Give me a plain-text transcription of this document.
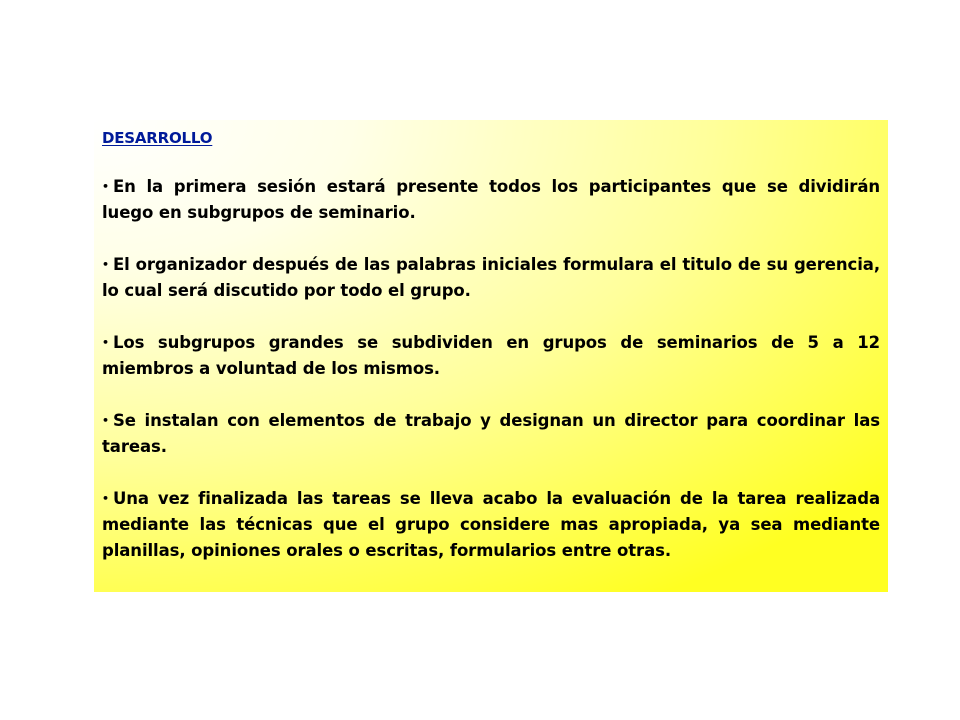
DESARROLLO
• En la primera sesión estará presente todos los participantes que se dividirán luego en subgrupos de seminario.
• El organizador después de las palabras iniciales formulara el titulo de su gerencia, lo cual será discutido por todo el grupo.
• Los subgrupos grandes se subdividen en grupos de seminarios de 5 a 12 miembros a voluntad de los mismos.
• Se instalan con elementos de trabajo y designan un director para coordinar las tareas.
• Una vez finalizada las tareas se lleva acabo la evaluación de la tarea realizada mediante las técnicas que el grupo considere mas apropiada, ya sea mediante planillas, opiniones orales o escritas, formularios entre otras.
